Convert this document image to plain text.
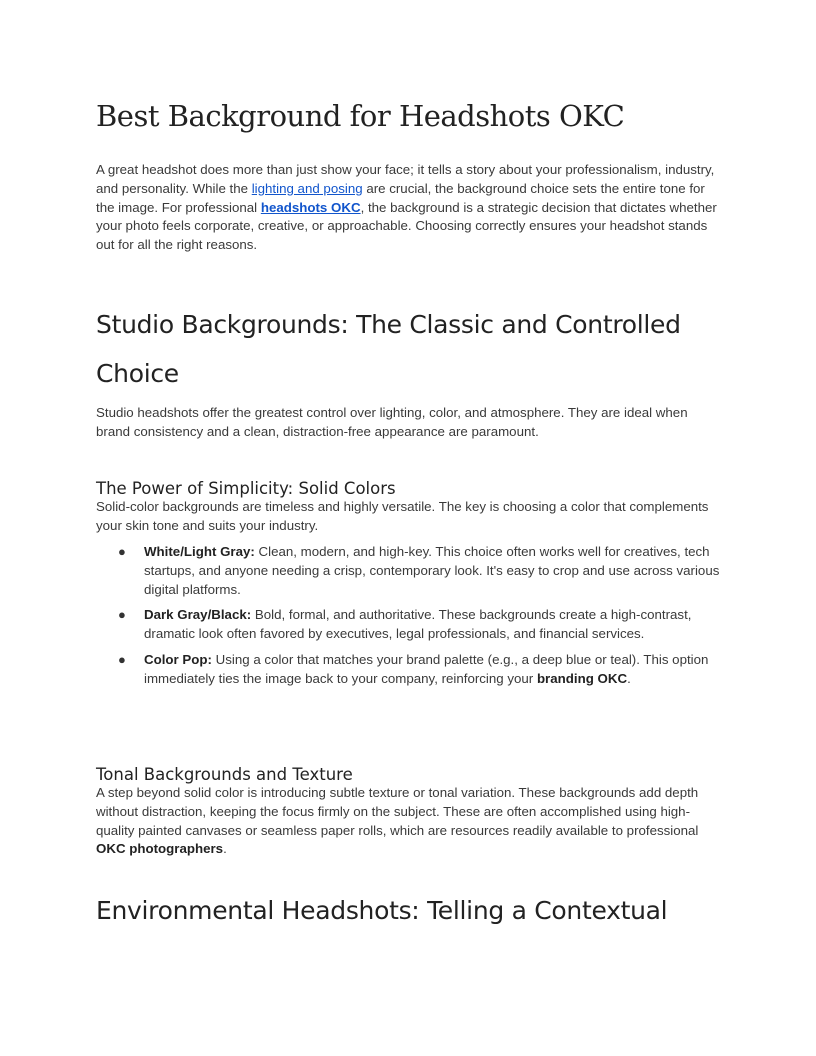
Best Background for Headshots OKC

A great headshot does more than just show your face; it tells a story about your professionalism, industry, and personality. While the lighting and posing are crucial, the background choice sets the entire tone for the image. For professional headshots OKC, the background is a strategic decision that dictates whether your photo feels corporate, creative, or approachable. Choosing correctly ensures your headshot stands out for all the right reasons.

Studio Backgrounds: The Classic and Controlled Choice

Studio headshots offer the greatest control over lighting, color, and atmosphere. They are ideal when brand consistency and a clean, distraction-free appearance are paramount.

The Power of Simplicity: Solid Colors

Solid-color backgrounds are timeless and highly versatile. The key is choosing a color that complements your skin tone and suits your industry.

● White/Light Gray: Clean, modern, and high-key. This choice often works well for creatives, tech startups, and anyone needing a crisp, contemporary look. It's easy to crop and use across various digital platforms.
● Dark Gray/Black: Bold, formal, and authoritative. These backgrounds create a high-contrast, dramatic look often favored by executives, legal professionals, and financial services.
● Color Pop: Using a color that matches your brand palette (e.g., a deep blue or teal). This option immediately ties the image back to your company, reinforcing your branding OKC.
Tonal Backgrounds and Texture

A step beyond solid color is introducing subtle texture or tonal variation. These backgrounds add depth without distraction, keeping the focus firmly on the subject. These are often accomplished using high-quality painted canvases or seamless paper rolls, which are resources readily available to professional OKC photographers.

Environmental Headshots: Telling a Contextual
